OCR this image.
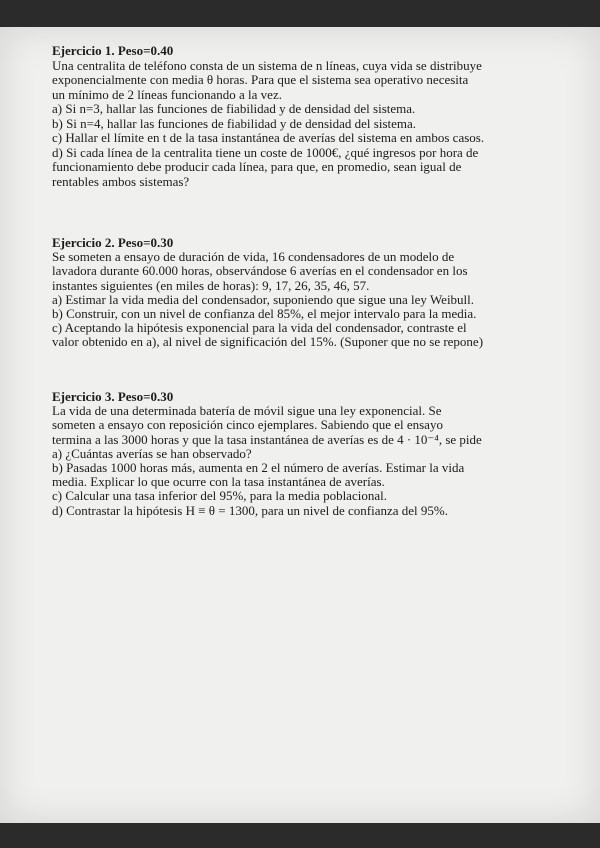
Ejercicio 1. Peso=0.40
Una centralita de teléfono consta de un sistema de n líneas, cuya vida se distribuye
exponencialmente con media θ horas. Para que el sistema sea operativo necesita
un mínimo de 2 líneas funcionando a la vez.
a) Si n=3, hallar las funciones de fiabilidad y de densidad del sistema.
b) Si n=4, hallar las funciones de fiabilidad y de densidad del sistema.
c) Hallar el límite en t de la tasa instantánea de averías del sistema en ambos casos.
d) Si cada línea de la centralita tiene un coste de 1000€, ¿qué ingresos por hora de
funcionamiento debe producir cada línea, para que, en promedio, sean igual de
rentables ambos sistemas?
Ejercicio 2. Peso=0.30
Se someten a ensayo de duración de vida, 16 condensadores de un modelo de
lavadora durante 60.000 horas, observándose 6 averías en el condensador en los
instantes siguientes (en miles de horas): 9, 17, 26, 35, 46, 57.
a) Estimar la vida media del condensador, suponiendo que sigue una ley Weibull.
b) Construir, con un nivel de confianza del 85%, el mejor intervalo para la media.
c) Aceptando la hipótesis exponencial para la vida del condensador, contraste el
valor obtenido en a), al nivel de significación del 15%. (Suponer que no se repone)
Ejercicio 3. Peso=0.30
La vida de una determinada batería de móvil sigue una ley exponencial. Se
someten a ensayo con reposición cinco ejemplares. Sabiendo que el ensayo
termina a las 3000 horas y que la tasa instantánea de averías es de 4 · 10⁻⁴, se pide
a) ¿Cuántas averías se han observado?
b) Pasadas 1000 horas más, aumenta en 2 el número de averías. Estimar la vida
media. Explicar lo que ocurre con la tasa instantánea de averías.
c) Calcular una tasa inferior del 95%, para la media poblacional.
d) Contrastar la hipótesis H ≡ θ = 1300, para un nivel de confianza del 95%.
